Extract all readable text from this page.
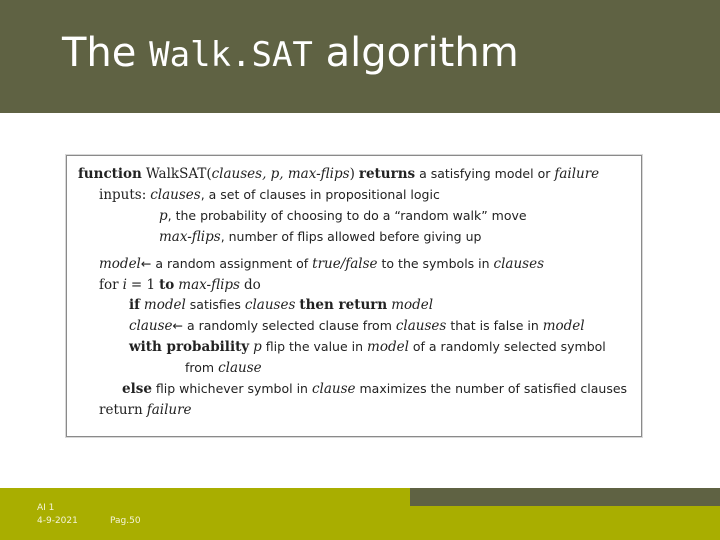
The Walk.SAT algorithm
function WalkSAT(clauses, p, max-flips) returns a satisfying model or failure
inputs: clauses, a set of clauses in propositional logic
p, the probability of choosing to do a “random walk” move
max-flips, number of flips allowed before giving up
model← a random assignment of true/false to the symbols in clauses
for i = 1 to max-flips do
if model satisfies clauses then return model
clause← a randomly selected clause from clauses that is false in model
with probability p flip the value in model of a randomly selected symbol
from clause
else flip whichever symbol in clause maximizes the number of satisfied clauses
return failure
AI 1
4-9-2021	Pag.50
